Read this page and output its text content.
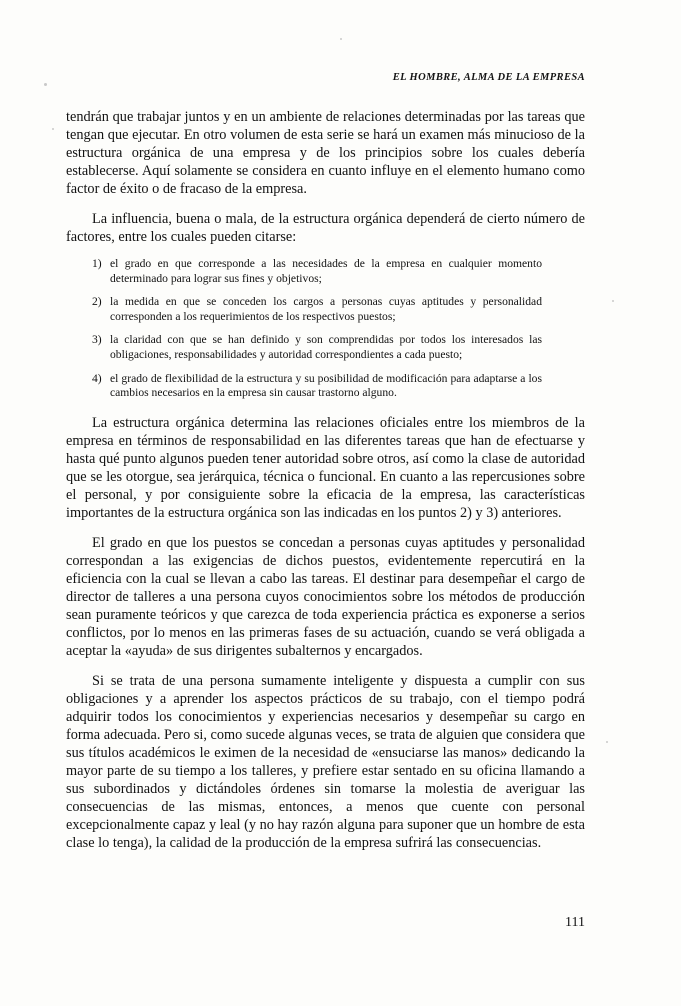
EL HOMBRE, ALMA DE LA EMPRESA

tendrán que trabajar juntos y en un ambiente de relaciones determinadas por las tareas que tengan que ejecutar. En otro volumen de esta serie se hará un examen más minucioso de la estructura orgánica de una empresa y de los principios sobre los cuales debería establecerse. Aquí solamente se considera en cuanto influye en el elemento humano como factor de éxito o de fracaso de la empresa.

La influencia, buena o mala, de la estructura orgánica dependerá de cierto número de factores, entre los cuales pueden citarse:

1) el grado en que corresponde a las necesidades de la empresa en cualquier momento determinado para lograr sus fines y objetivos;
2) la medida en que se conceden los cargos a personas cuyas aptitudes y personalidad corresponden a los requerimientos de los respectivos puestos;
3) la claridad con que se han definido y son comprendidas por todos los interesados las obligaciones, responsabilidades y autoridad correspondientes a cada puesto;
4) el grado de flexibilidad de la estructura y su posibilidad de modificación para adaptarse a los cambios necesarios en la empresa sin causar trastorno alguno.

La estructura orgánica determina las relaciones oficiales entre los miembros de la empresa en términos de responsabilidad en las diferentes tareas que han de efectuarse y hasta qué punto algunos pueden tener autoridad sobre otros, así como la clase de autoridad que se les otorgue, sea jerárquica, técnica o funcional. En cuanto a las repercusiones sobre el personal, y por consiguiente sobre la eficacia de la empresa, las características importantes de la estructura orgánica son las indicadas en los puntos 2) y 3) anteriores.

El grado en que los puestos se concedan a personas cuyas aptitudes y personalidad correspondan a las exigencias de dichos puestos, evidentemente repercutirá en la eficiencia con la cual se llevan a cabo las tareas. El destinar para desempeñar el cargo de director de talleres a una persona cuyos conocimientos sobre los métodos de producción sean puramente teóricos y que carezca de toda experiencia práctica es exponerse a serios conflictos, por lo menos en las primeras fases de su actuación, cuando se verá obligada a aceptar la «ayuda» de sus dirigentes subalternos y encargados.

Si se trata de una persona sumamente inteligente y dispuesta a cumplir con sus obligaciones y a aprender los aspectos prácticos de su trabajo, con el tiempo podrá adquirir todos los conocimientos y experiencias necesarios y desempeñar su cargo en forma adecuada. Pero si, como sucede algunas veces, se trata de alguien que considera que sus títulos académicos le eximen de la necesidad de «ensuciarse las manos» dedicando la mayor parte de su tiempo a los talleres, y prefiere estar sentado en su oficina llamando a sus subordinados y dictándoles órdenes sin tomarse la molestia de averiguar las consecuencias de las mismas, entonces, a menos que cuente con personal excepcionalmente capaz y leal (y no hay razón alguna para suponer que un hombre de esta clase lo tenga), la calidad de la producción de la empresa sufrirá las consecuencias.

111
